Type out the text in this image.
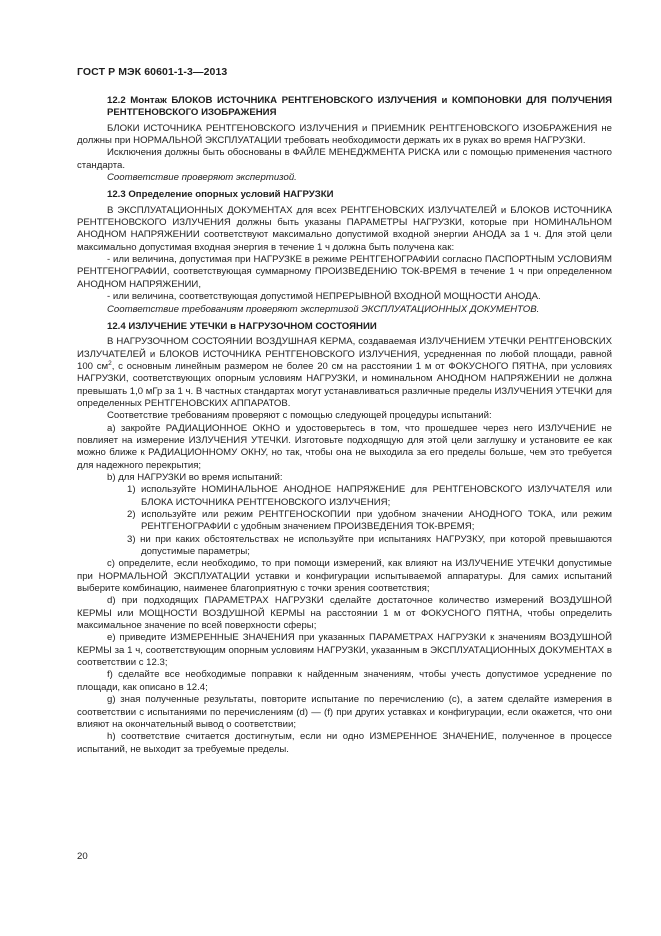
ГОСТ Р МЭК 60601-1-3—2013

12.2 Монтаж БЛОКОВ ИСТОЧНИКА РЕНТГЕНОВСКОГО ИЗЛУЧЕНИЯ и КОМПОНОВКИ ДЛЯ ПОЛУЧЕНИЯ РЕНТГЕНОВСКОГО ИЗОБРАЖЕНИЯ

БЛОКИ ИСТОЧНИКА РЕНТГЕНОВСКОГО ИЗЛУЧЕНИЯ и ПРИЕМНИК РЕНТГЕНОВСКОГО ИЗОБРАЖЕНИЯ не должны при НОРМАЛЬНОЙ ЭКСПЛУАТАЦИИ требовать необходимости держать их в руках во время НАГРУЗКИ.

Исключения должны быть обоснованы в ФАЙЛЕ МЕНЕДЖМЕНТА РИСКА или с помощью применения частного стандарта.

Соответствие проверяют экспертизой.

12.3 Определение опорных условий НАГРУЗКИ

В ЭКСПЛУАТАЦИОННЫХ ДОКУМЕНТАХ для всех РЕНТГЕНОВСКИХ ИЗЛУЧАТЕЛЕЙ и БЛОКОВ ИСТОЧНИКА РЕНТГЕНОВСКОГО ИЗЛУЧЕНИЯ должны быть указаны ПАРАМЕТРЫ НАГРУЗКИ, которые при НОМИНАЛЬНОМ АНОДНОМ НАПРЯЖЕНИИ соответствуют максимально допустимой входной энергии АНОДА за 1 ч. Для этой цели максимально допустимая входная энергия в течение 1 ч должна быть получена как:

- или величина, допустимая при НАГРУЗКЕ в режиме РЕНТГЕНОГРАФИИ согласно ПАСПОРТНЫМ УСЛОВИЯМ РЕНТГЕНОГРАФИИ, соответствующая суммарному ПРОИЗВЕДЕНИЮ ТОК-ВРЕМЯ в течение 1 ч при определенном АНОДНОМ НАПРЯЖЕНИИ,

- или величина, соответствующая допустимой НЕПРЕРЫВНОЙ ВХОДНОЙ МОЩНОСТИ АНОДА.

Соответствие требованиям проверяют экспертизой ЭКСПЛУАТАЦИОННЫХ ДОКУМЕНТОВ.

12.4 ИЗЛУЧЕНИЕ УТЕЧКИ в НАГРУЗОЧНОМ СОСТОЯНИИ

В НАГРУЗОЧНОМ СОСТОЯНИИ ВОЗДУШНАЯ КЕРМА, создаваемая ИЗЛУЧЕНИЕМ УТЕЧКИ РЕНТГЕНОВСКИХ ИЗЛУЧАТЕЛЕЙ и БЛОКОВ ИСТОЧНИКА РЕНТГЕНОВСКОГО ИЗЛУЧЕНИЯ, усредненная по любой площади, равной 100 $см^2$, с основным линейным размером не более 20 см на расстоянии 1 м от ФОКУСНОГО ПЯТНА, при условиях НАГРУЗКИ, соответствующих опорным условиям НАГРУЗКИ, и номинальном АНОДНОМ НАПРЯЖЕНИИ не должна превышать 1,0 мГр за 1 ч. В частных стандартах могут устанавливаться различные пределы ИЗЛУЧЕНИЯ УТЕЧКИ для определенных РЕНТГЕНОВСКИХ АППАРАТОВ.

Соответствие требованиям проверяют с помощью следующей процедуры испытаний:

а) закройте РАДИАЦИОННОЕ ОКНО и удостоверьтесь в том, что прошедшее через него ИЗЛУЧЕНИЕ не повлияет на измерение ИЗЛУЧЕНИЯ УТЕЧКИ. Изготовьте подходящую для этой цели заглушку и установите ее как можно ближе к РАДИАЦИОННОМУ ОКНУ, но так, чтобы она не выходила за его пределы больше, чем это требуется для надежного перекрытия;

b) для НАГРУЗКИ во время испытаний:

1) используйте НОМИНАЛЬНОЕ АНОДНОЕ НАПРЯЖЕНИЕ для РЕНТГЕНОВСКОГО ИЗЛУЧАТЕЛЯ или БЛОКА ИСТОЧНИКА РЕНТГЕНОВСКОГО ИЗЛУЧЕНИЯ;

2) используйте или режим РЕНТГЕНОСКОПИИ при удобном значении АНОДНОГО ТОКА, или режим РЕНТГЕНОГРАФИИ с удобным значением ПРОИЗВЕДЕНИЯ ТОК-ВРЕМЯ;

3) ни при каких обстоятельствах не используйте при испытаниях НАГРУЗКУ, при которой превышаются допустимые параметры;

с) определите, если необходимо, то при помощи измерений, как влияют на ИЗЛУЧЕНИЕ УТЕЧКИ допустимые при НОРМАЛЬНОЙ ЭКСПЛУАТАЦИИ уставки и конфигурации испытываемой аппаратуры. Для самих испытаний выберите комбинацию, наименее благоприятную с точки зрения соответствия;

d) при подходящих ПАРАМЕТРАХ НАГРУЗКИ сделайте достаточное количество измерений ВОЗДУШНОЙ КЕРМЫ или МОЩНОСТИ ВОЗДУШНОЙ КЕРМЫ на расстоянии 1 м от ФОКУСНОГО ПЯТНА, чтобы определить максимальное значение по всей поверхности сферы;

е) приведите ИЗМЕРЕННЫЕ ЗНАЧЕНИЯ при указанных ПАРАМЕТРАХ НАГРУЗКИ к значениям ВОЗДУШНОЙ КЕРМЫ за 1 ч, соответствующим опорным условиям НАГРУЗКИ, указанным в ЭКСПЛУАТАЦИОННЫХ ДОКУМЕНТАХ в соответствии с 12.3;

f) сделайте все необходимые поправки к найденным значениям, чтобы учесть допустимое усреднение по площади, как описано в 12.4;

g) зная полученные результаты, повторите испытание по перечислению (с), а затем сделайте измерения в соответствии с испытаниями по перечислениям (d) — (f) при других уставках и конфигурации, если окажется, что они влияют на окончательный вывод о соответствии;

h) соответствие считается достигнутым, если ни одно ИЗМЕРЕННОЕ ЗНАЧЕНИЕ, полученное в процессе испытаний, не выходит за требуемые пределы.

20
